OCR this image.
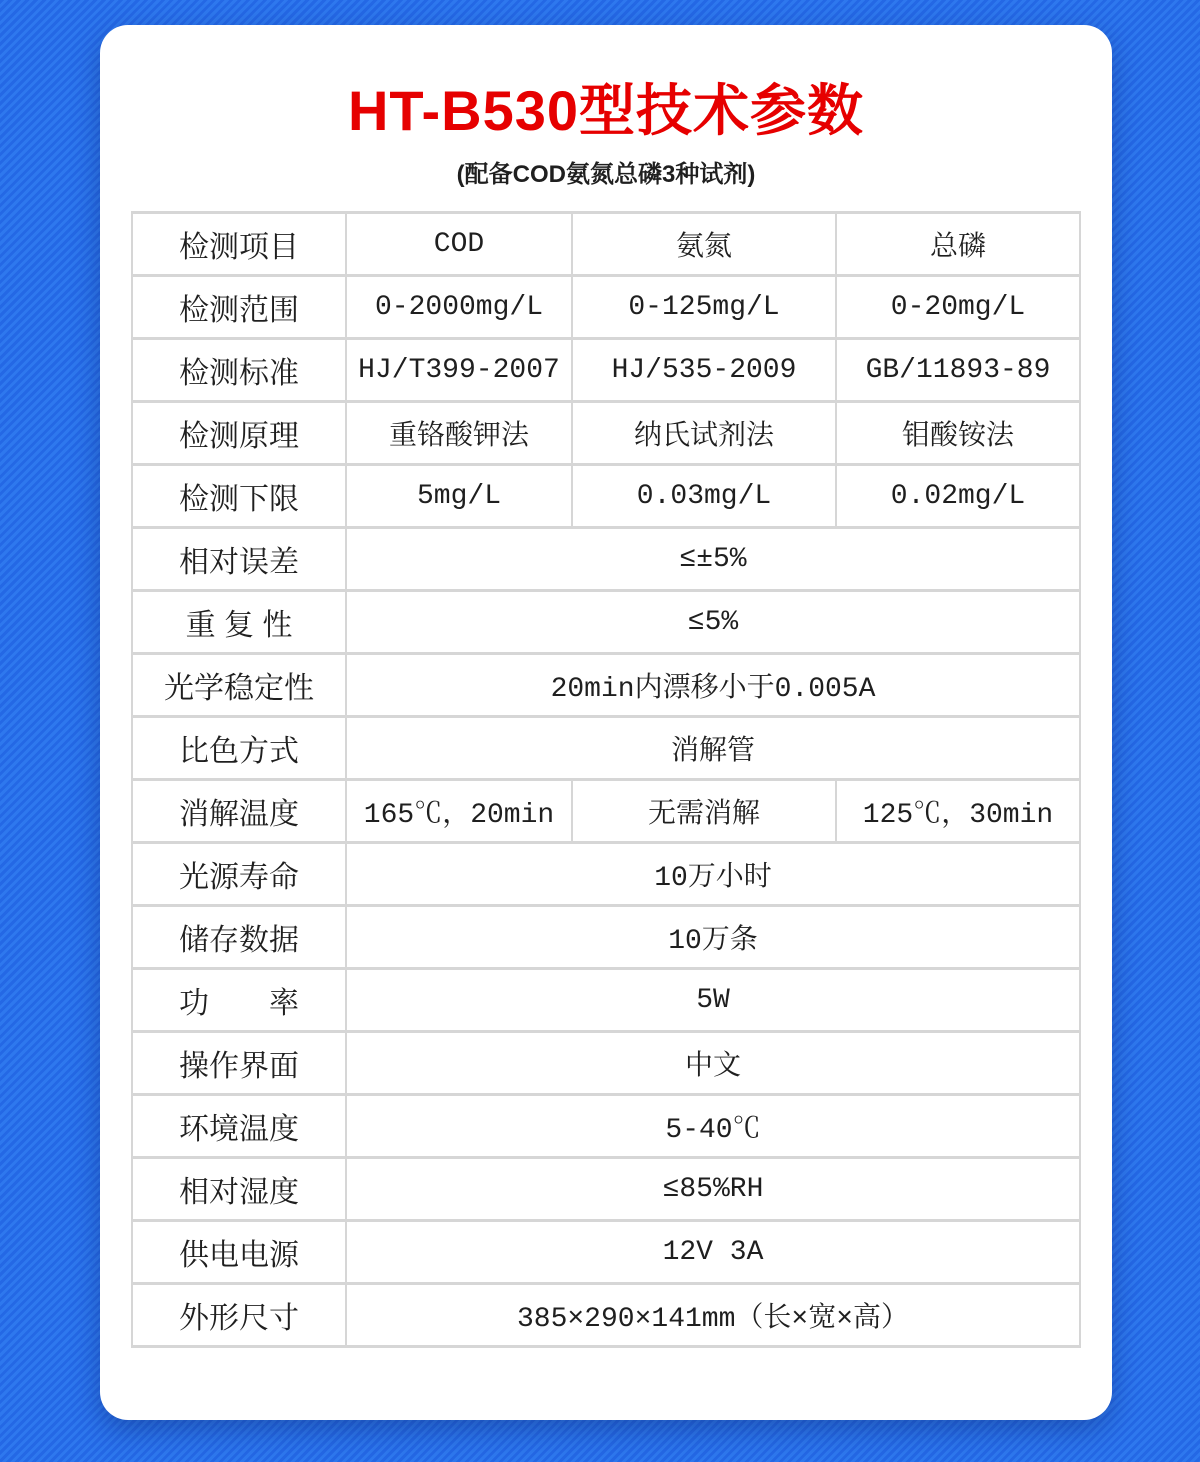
HT-B530型技术参数
(配备COD氨氮总磷3种试剂)
检测项目	COD	氨氮	总磷
检测范围	0-2000mg/L	0-125mg/L	0-20mg/L
检测标准	HJ/T399-2007	HJ/535-2009	GB/11893-89
检测原理	重铬酸钾法	纳氏试剂法	钼酸铵法
检测下限	5mg/L	0.03mg/L	0.02mg/L
相对误差	≤±5%		
重 复 性	≤5%		
光学稳定性	20min内漂移小于0.005A		
比色方式	消解管		
消解温度	165℃，20min	无需消解	125℃，30min
光源寿命	10万小时		
储存数据	10万条		
功　　率	5W		
操作界面	中文		
环境温度	5-40℃		
相对湿度	≤85%RH		
供电电源	12V 3A		
外形尺寸	385×290×141mm（长×宽×高）		
